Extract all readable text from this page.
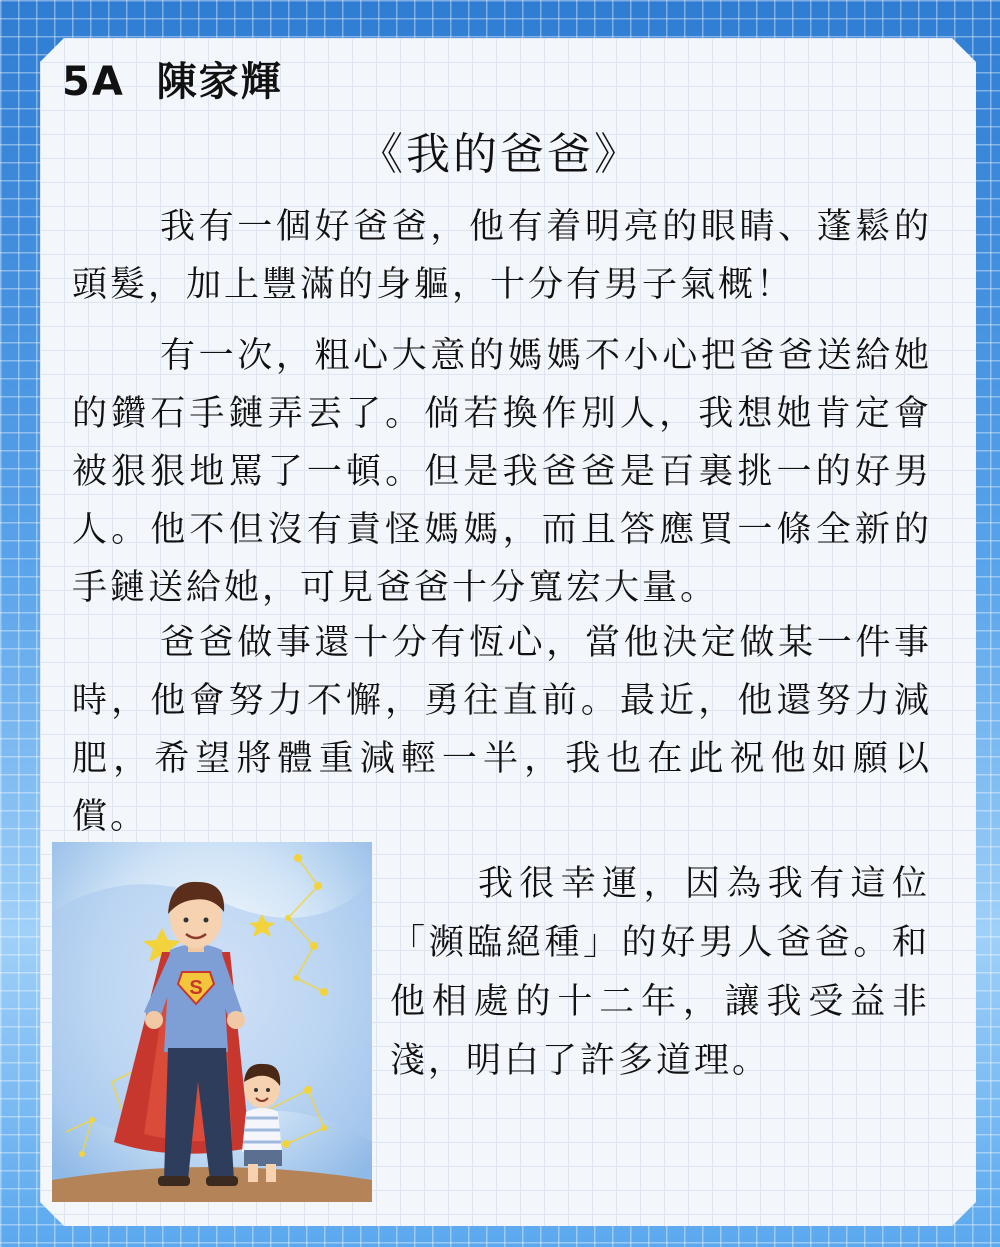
5A  陳家輝
《我的爸爸》

我有一個好爸爸，他有着明亮的眼睛、蓬鬆的頭髮，加上豐滿的身軀，十分有男子氣概！

有一次，粗心大意的媽媽不小心把爸爸送給她的鑽石手鏈弄丟了。倘若換作別人，我想她肯定會被狠狠地罵了一頓。但是我爸爸是百裏挑一的好男人。他不但沒有責怪媽媽，而且答應買一條全新的手鏈送給她，可見爸爸十分寬宏大量。

爸爸做事還十分有恆心，當他決定做某一件事時，他會努力不懈，勇往直前。最近，他還努力減肥，希望將體重減輕一半，我也在此祝他如願以償。

S

我很幸運，因為我有這位「瀕臨絕種」的好男人爸爸。和他相處的十二年，讓我受益非淺，明白了許多道理。
